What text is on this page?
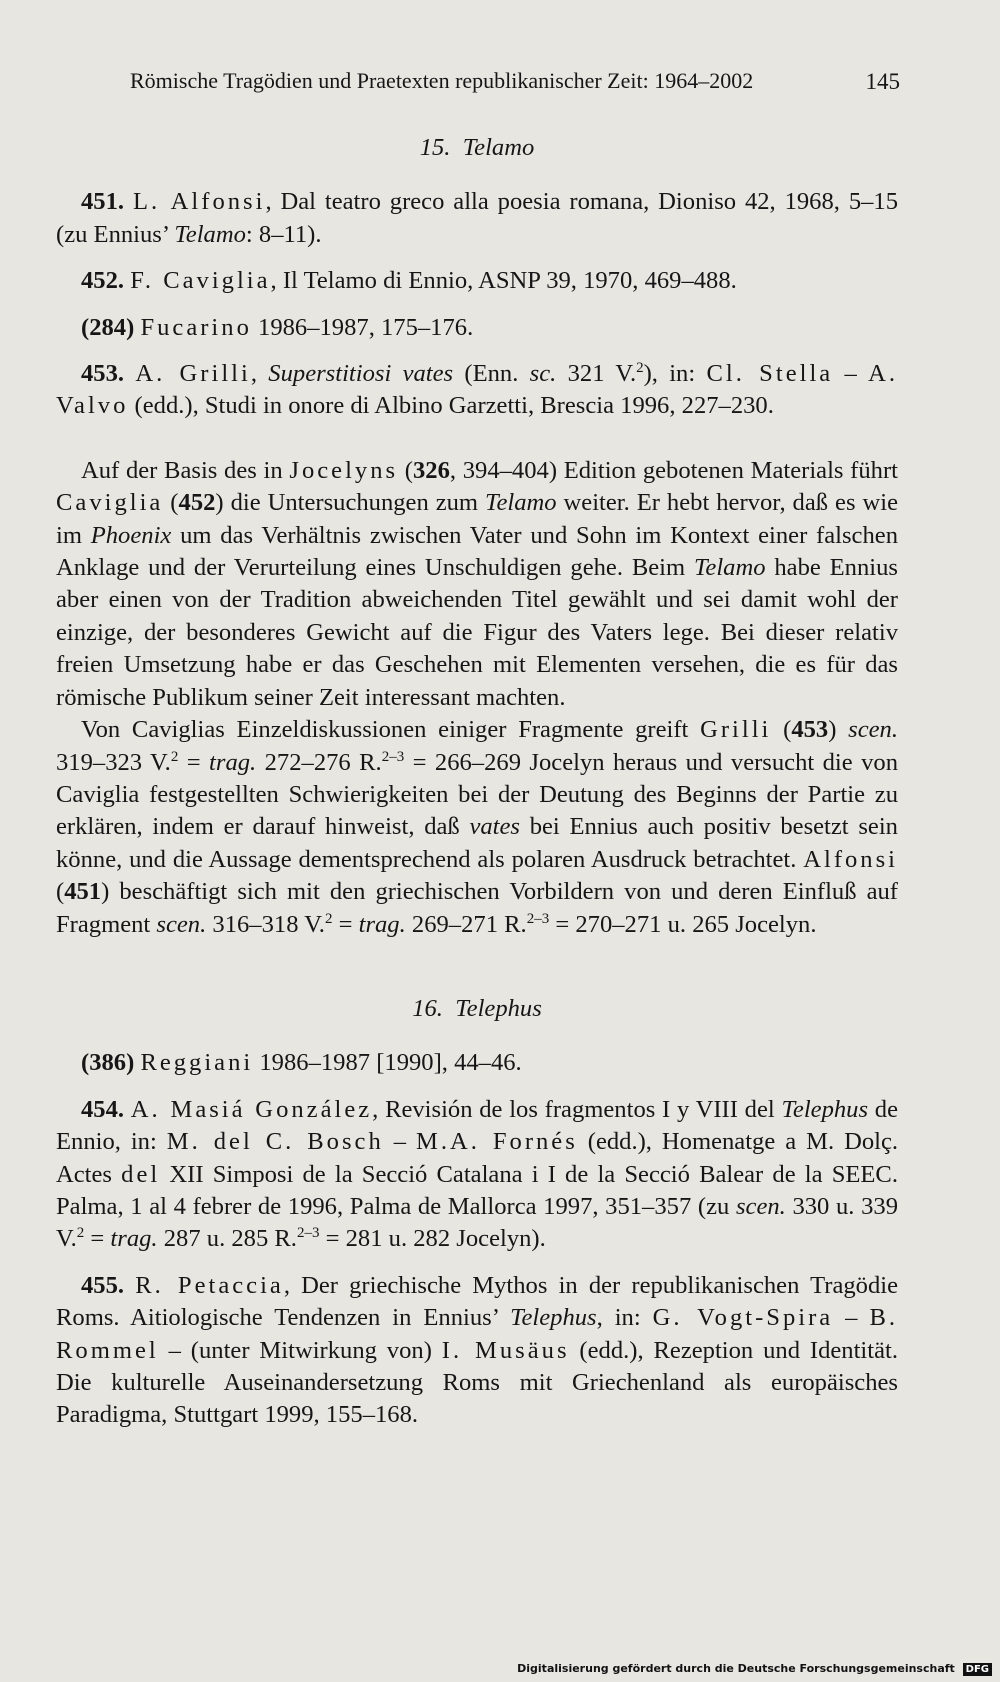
Römische Tragödien und Praetexten republikanischer Zeit: 1964–2002	145
15. Telamo

451. L. Alfonsi, Dal teatro greco alla poesia romana, Dioniso 42, 1968, 5–15 (zu Ennius’ Telamo: 8–11).

452. F. Caviglia, Il Telamo di Ennio, ASNP 39, 1970, 469–488.

(284) Fucarino 1986–1987, 175–176.

453. A. Grilli, Superstitiosi vates (Enn. sc. 321 V.$^2$), in: Cl. Stella – A. Valvo (edd.), Studi in onore di Albino Garzetti, Brescia 1996, 227–230.

Auf der Basis des in Jocelyns (326, 394–404) Edition gebotenen Materials führt Caviglia (452) die Untersuchungen zum Telamo weiter. Er hebt hervor, daß es wie im Phoenix um das Verhältnis zwischen Vater und Sohn im Kontext einer falschen Anklage und der Verurteilung eines Unschuldigen gehe. Beim Telamo habe Ennius aber einen von der Tradition abweichenden Titel gewählt und sei damit wohl der einzige, der besonderes Gewicht auf die Figur des Vaters lege. Bei dieser relativ freien Umsetzung habe er das Geschehen mit Elementen versehen, die es für das römische Publikum seiner Zeit interessant machten.

Von Caviglias Einzeldiskussionen einiger Fragmente greift Grilli (453) scen. 319–323 V.$^2$ = trag. 272–276 R.$^{2-3}$ = 266–269 Jocelyn heraus und versucht die von Caviglia festgestellten Schwierigkeiten bei der Deutung des Beginns der Partie zu erklären, indem er darauf hinweist, daß vates bei Ennius auch positiv besetzt sein könne, und die Aussage dementsprechend als polaren Ausdruck betrachtet. Alfonsi (451) beschäftigt sich mit den griechischen Vorbildern von und deren Einfluß auf Fragment scen. 316–318 V.$^2$ = trag. 269–271 R.$^{2-3}$ = 270–271 u. 265 Jocelyn.

16. Telephus

(386) Reggiani 1986–1987 [1990], 44–46.

454. A. Masiá González, Revisión de los fragmentos I y VIII del Telephus de Ennio, in: M. del C. Bosch – M.A. Fornés (edd.), Homenatge a M. Dolç. Actes del XII Simposi de la Secció Catalana i I de la Secció Balear de la SEEC. Palma, 1 al 4 febrer de 1996, Palma de Mallorca 1997, 351–357 (zu scen. 330 u. 339 V.$^2$ = trag. 287 u. 285 R.$^{2-3}$ = 281 u. 282 Jocelyn).

455. R. Petaccia, Der griechische Mythos in der republikanischen Tragödie Roms. Aitiologische Tendenzen in Ennius’ Telephus, in: G. Vogt-Spira – B. Rommel – (unter Mitwirkung von) I. Musäus (edd.), Rezeption und Identität. Die kulturelle Auseinandersetzung Roms mit Griechenland als europäisches Paradigma, Stuttgart 1999, 155–168.

Digitalisierung gefördert durch die Deutsche Forschungsgemeinschaft DFG
